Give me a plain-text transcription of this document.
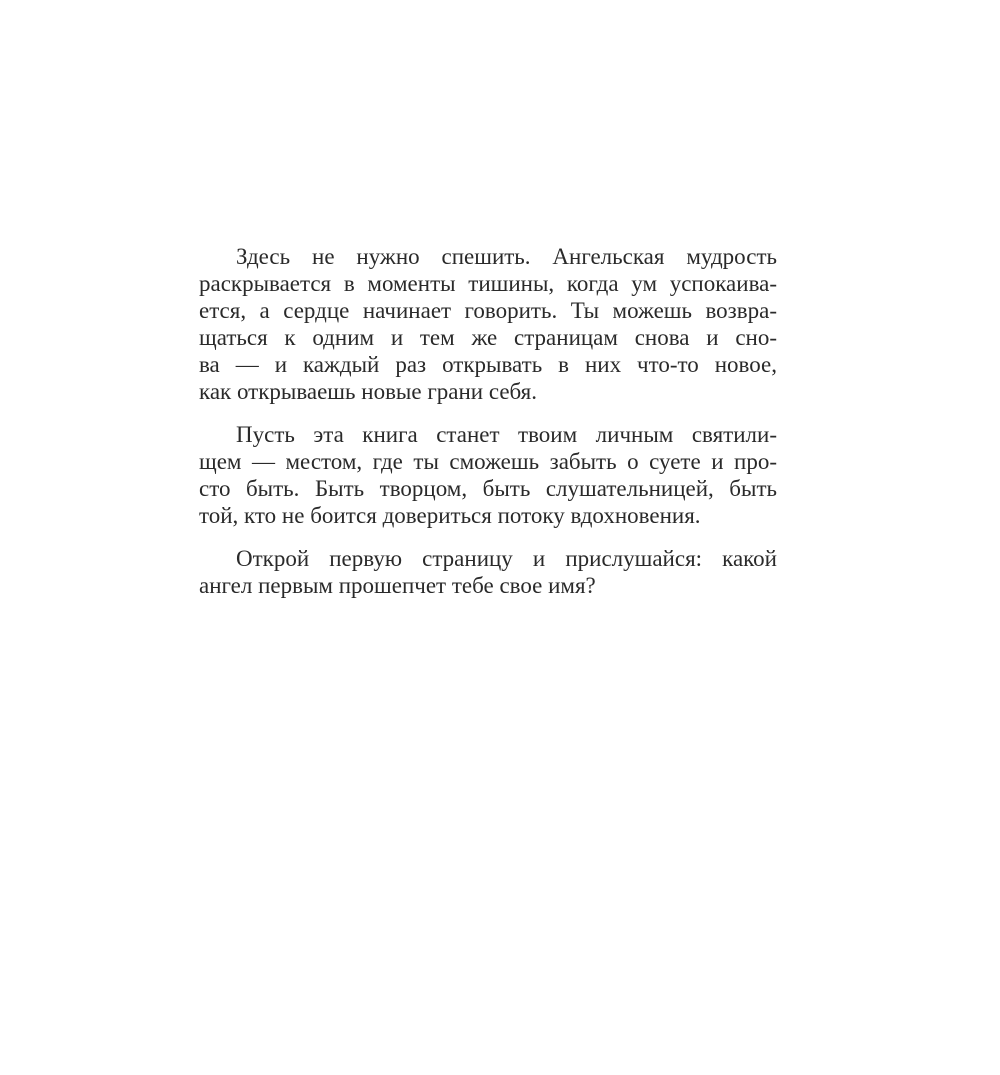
Здесь не нужно спешить. Ангельская мудрость
раскрывается в моменты тишины, когда ум успокаива-
ется, а сердце начинает говорить. Ты можешь возвра-
щаться к одним и тем же страницам снова и сно-
ва — и каждый раз открывать в них что-то новое,
как открываешь новые грани себя.
Пусть эта книга станет твоим личным святили-
щем — местом, где ты сможешь забыть о суете и про-
сто быть. Быть творцом, быть слушательницей, быть
той, кто не боится довериться потоку вдохновения.
Открой первую страницу и прислушайся: какой
ангел первым прошепчет тебе свое имя?
